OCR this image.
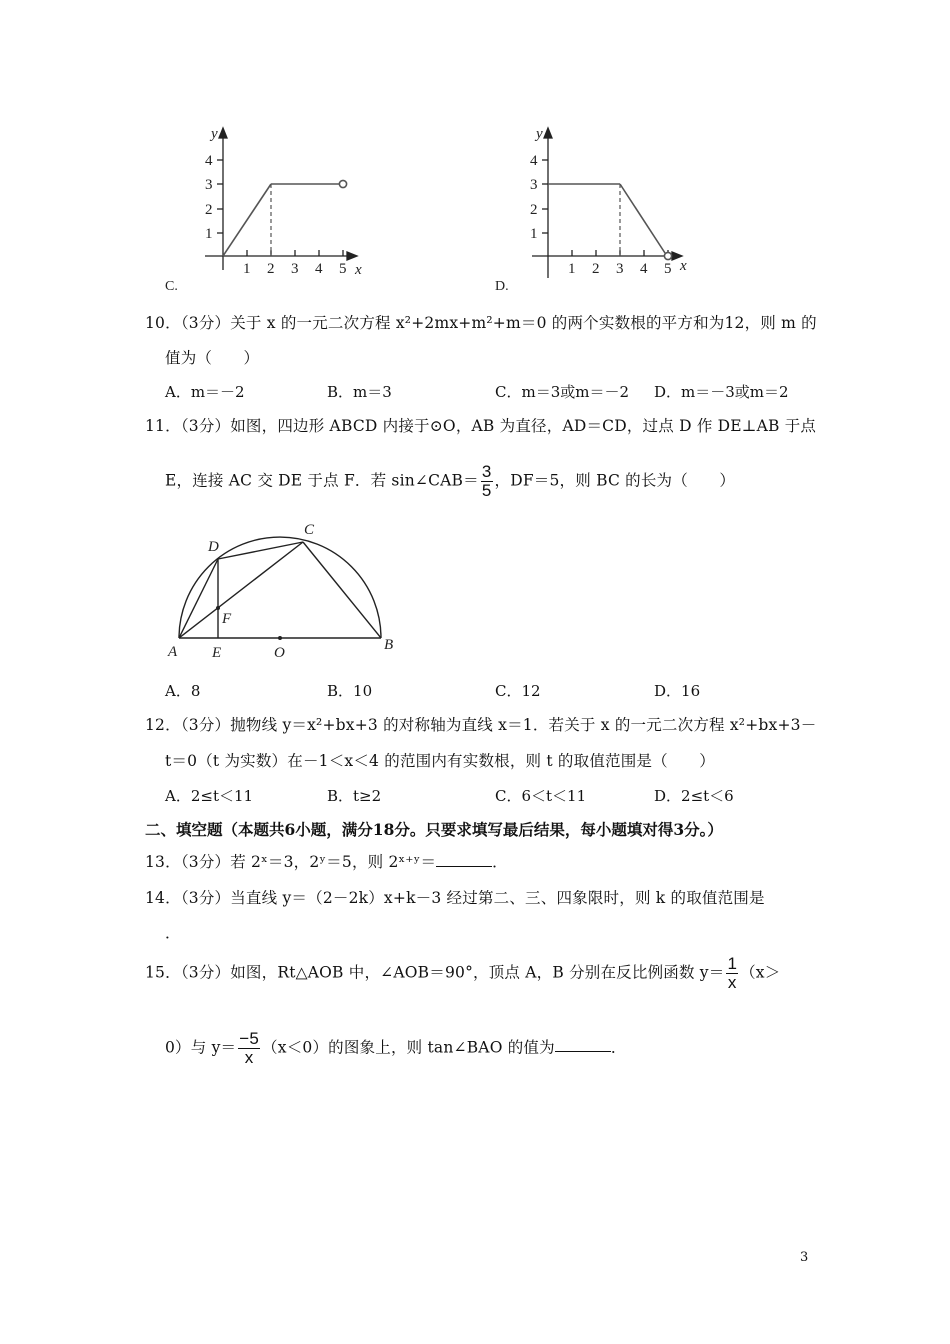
y
x
1
2
3
4
1 2 3 4 5
C.
y
x
1
2
3
4
1 2 3 4 5
D.
10．（3分）关于 x 的一元二次方程 x²+2mx+m²+m＝0 的两个实数根的平方和为12，则 m 的
值为（　　）
A．m＝－2	B．m＝3	C．m＝3或m＝－2 D．m＝－3或m＝2
11．（3分）如图，四边形 ABCD 内接于⊙O，AB 为直径，AD＝CD，过点 D 作 DE⊥AB 于点
E，连接 AC 交 DE 于点 F．若 sin∠CAB＝ $\frac{3}{5}$ ，DF＝5，则 BC 的长为（　　）
A	B
C
D
E
F
O
A．8	B．10	C．12	D．16
12．（3分）抛物线 y＝x²+bx+3 的对称轴为直线 x＝1．若关于 x 的一元二次方程 x²+bx+3－
t＝0（t 为实数）在－1＜x＜4 的范围内有实数根，则 t 的取值范围是（　　）
A．2≤t＜11	B．t≥2	C．6＜t＜11	D．2≤t＜6
二、填空题（本题共6小题，满分18分。只要求填写最后结果，每小题填对得3分。）
13．（3分）若 2ˣ＝3，2ʸ＝5，则 2ˣ⁺ʸ＝	．
14．（3分）当直线 y＝（2－2k）x+k－3 经过第二、三、四象限时，则 k 的取值范围是
．
15．（3分）如图，Rt△AOB 中，∠AOB＝90°，顶点 A，B 分别在反比例函数 $y= \frac{1}{x} (x>$
0）与 $y= \frac{-5}{x} (x<0)$的图象上，则 tan∠BAO 的值为	．
3
